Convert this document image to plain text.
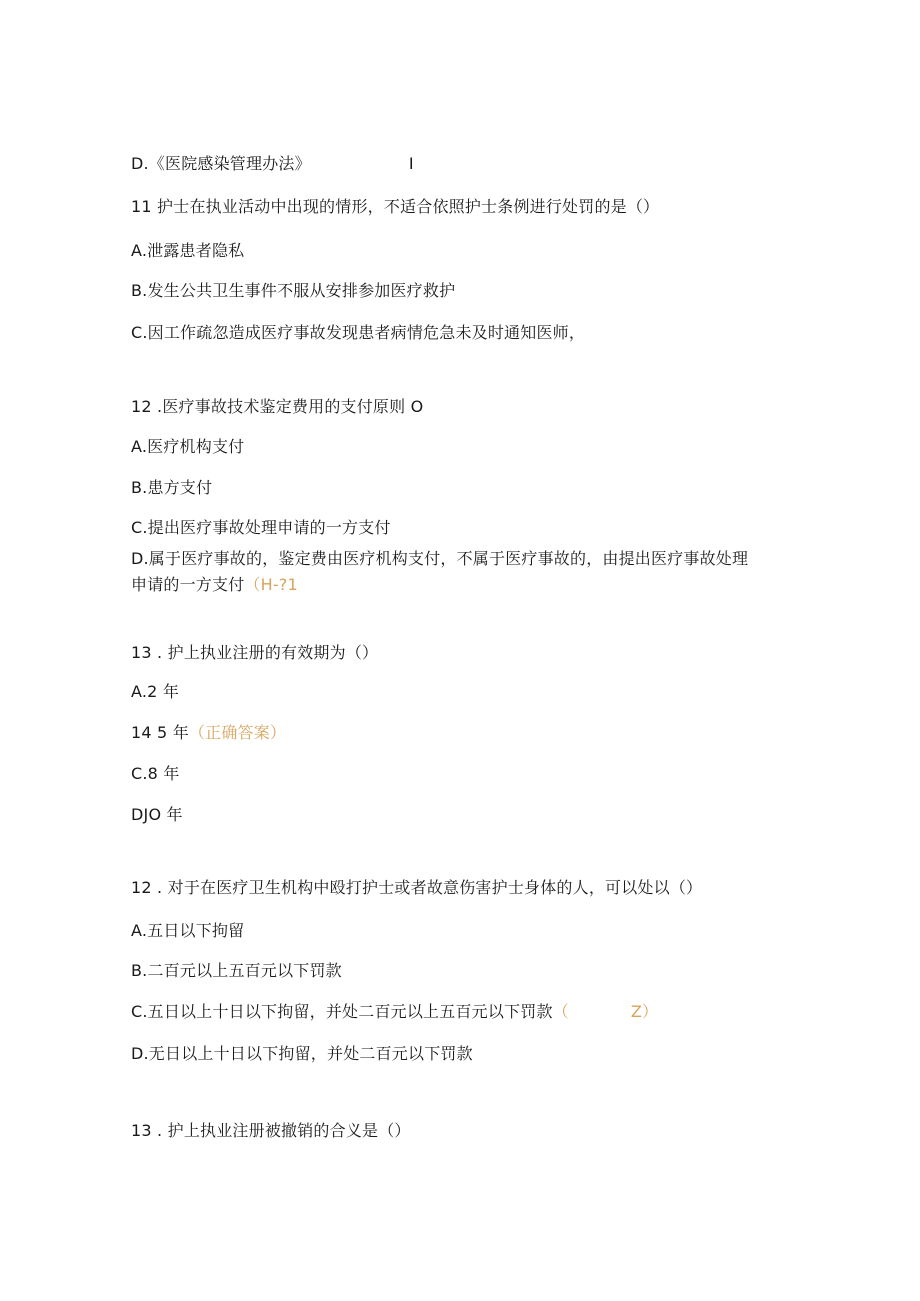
D.《医院感染管理办法》	I
11 护士在执业活动中出现的情形，不适合依照护士条例进行处罚的是（）
A.泄露患者隐私
B.发生公共卫生事件不服从安排参加医疗救护
C.因工作疏忽造成医疗事故发现患者病情危急未及时通知医师，
12 .医疗事故技术鉴定费用的支付原则 O
A.医疗机构支付
B.患方支付
C.提出医疗事故处理申请的一方支付
D.属于医疗事故的，鉴定费由医疗机构支付，不属于医疗事故的，由提出医疗事故处理
申请的一方支付（H-?1
13 . 护上执业注册的有效期为（）
A.2 年
14 5 年（正确答案）
C.8 年
DJO 年
12 . 对于在医疗卫生机构中殴打护士或者故意伤害护士身体的人，可以处以（）
A.五日以下拘留
B.二百元以上五百元以下罚款
C.五日以上十日以下拘留，并处二百元以上五百元以下罚款（	Z）
D.无日以上十日以下拘留，并处二百元以下罚款
13 . 护上执业注册被撤销的合义是（）
